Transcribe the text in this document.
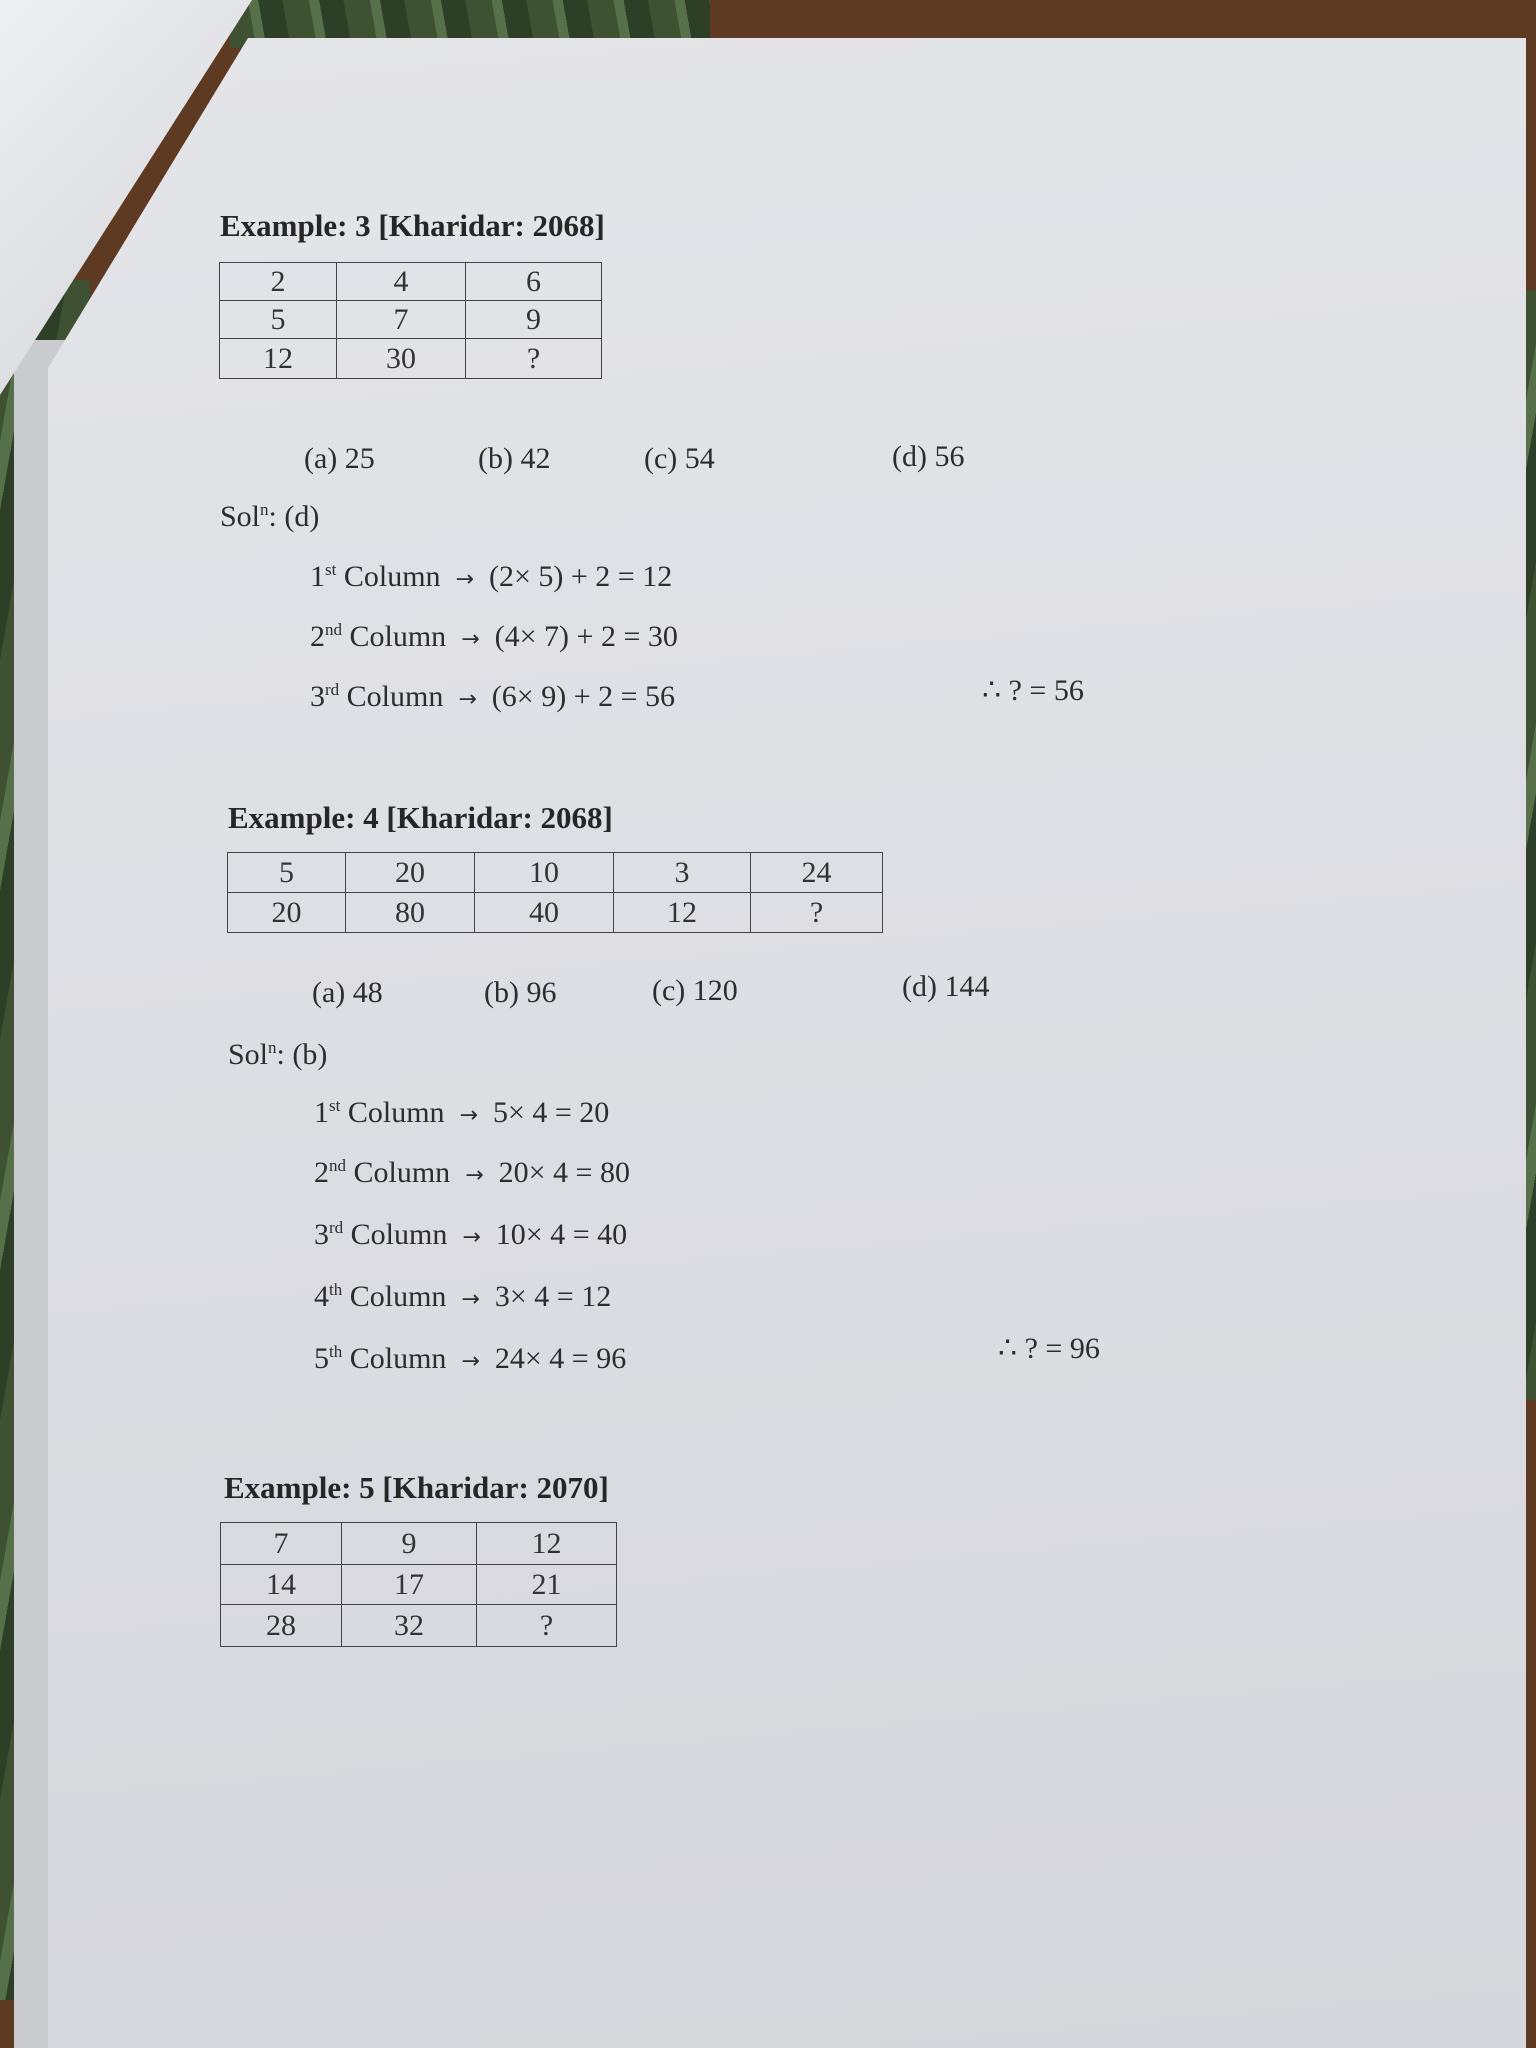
Example: 3 [Kharidar: 2068]
2	4	6
5	7	9
12	30	?
(a) 25	(b) 42	(c) 54	(d) 56
Sol$^n$: (d)
1st Column → (2× 5) + 2 = 12
2nd Column → (4× 7) + 2 = 30
3rd Column → (6× 9) + 2 = 56	∴ ? = 56
Example: 4 [Kharidar: 2068]
5	20	10	3	24
20	80	40	12	?
(a) 48	(b) 96	(c) 120	(d) 144
Sol$^n$: (b)
1st Column → 5× 4 = 20
2nd Column → 20× 4 = 80
3rd Column → 10× 4 = 40
4th Column → 3× 4 = 12
5th Column → 24× 4 = 96	∴ ? = 96
Example: 5 [Kharidar: 2070]
7	9	12
14	17	21
28	32	?
